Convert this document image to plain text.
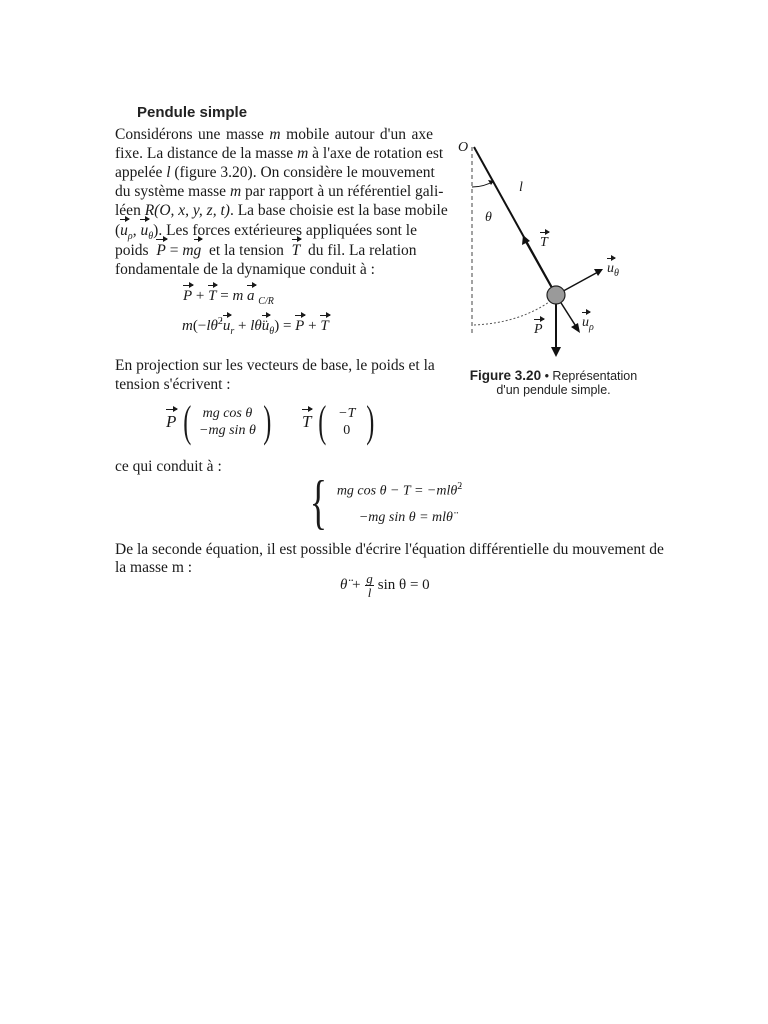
Pendule simple
Considérons une masse m mobile autour d'un axe
fixe. La distance de la masse m à l'axe de rotation est
appelée l (figure 3.20). On considère le mouvement
du système masse m par rapport à un référentiel gali-
léen R(O, x, y, z, t). La base choisie est la base mobile
($u_\rho$, $u_\theta$). Les forces extérieures appliquées sont le
poids P = mg et la tension T du fil. La relation
fondamentale de la dynamique conduit à :
P + T = m a $_{C/R}$
$m(-l\thetȧ^2u_r$ + $l\thetäu_\theta) = P + T$
En projection sur les vecteurs de base, le poids et la
tension s'écrivent :
P ( mg cos θ
−mg sin θ ) T ( −T
0 )
ce qui conduit à :
{ mg cos θ − T = −mlθ̇$^2$
−mg sin θ = mlθ̈
De la seconde équation, il est possible d'écrire l'équation différentielle du mouvement de
la masse m :
θ̈ + $\frac{g}{l}$ sin θ = 0
O
l
θ
T
P
$u_\theta$
$u_\rho$
Figure 3.20 • Représentation
d'un pendule simple.
